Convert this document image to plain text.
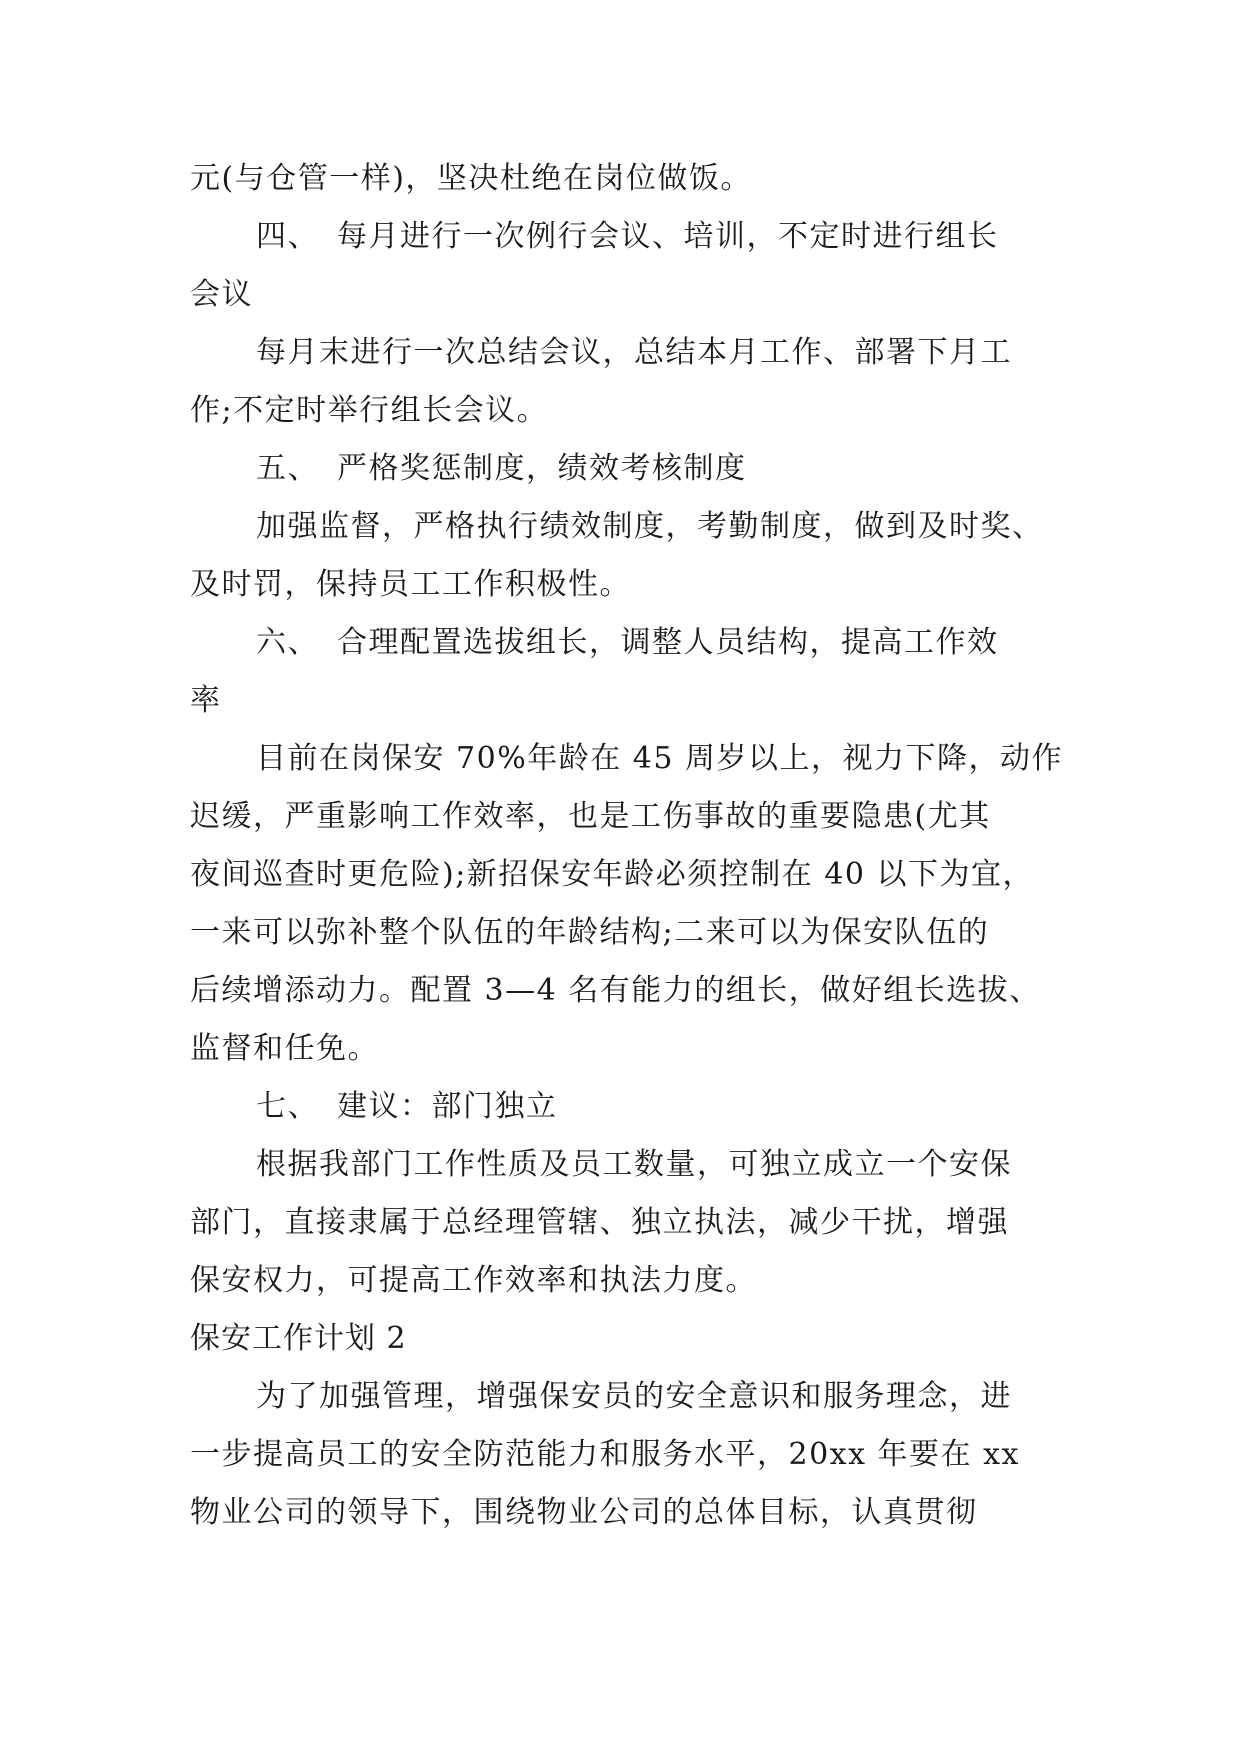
元(与仓管一样)，坚决杜绝在岗位做饭。

四、 每月进行一次例行会议、培训，不定时进行组长
会议

每月末进行一次总结会议，总结本月工作、部署下月工
作;不定时举行组长会议。

五、 严格奖惩制度，绩效考核制度

加强监督，严格执行绩效制度，考勤制度，做到及时奖、
及时罚，保持员工工作积极性。

六、 合理配置选拔组长，调整人员结构，提高工作效
率

目前在岗保安 70%年龄在 45 周岁以上，视力下降，动作
迟缓，严重影响工作效率，也是工伤事故的重要隐患(尤其
夜间巡查时更危险);新招保安年龄必须控制在 40 以下为宜，
一来可以弥补整个队伍的年龄结构;二来可以为保安队伍的
后续增添动力。配置 3—4 名有能力的组长，做好组长选拔、
监督和任免。

七、 建议：部门独立

根据我部门工作性质及员工数量，可独立成立一个安保
部门，直接隶属于总经理管辖、独立执法，减少干扰，增强
保安权力，可提高工作效率和执法力度。

保安工作计划 2

为了加强管理，增强保安员的安全意识和服务理念，进
一步提高员工的安全防范能力和服务水平，20xx 年要在 xx
物业公司的领导下，围绕物业公司的总体目标，认真贯彻
